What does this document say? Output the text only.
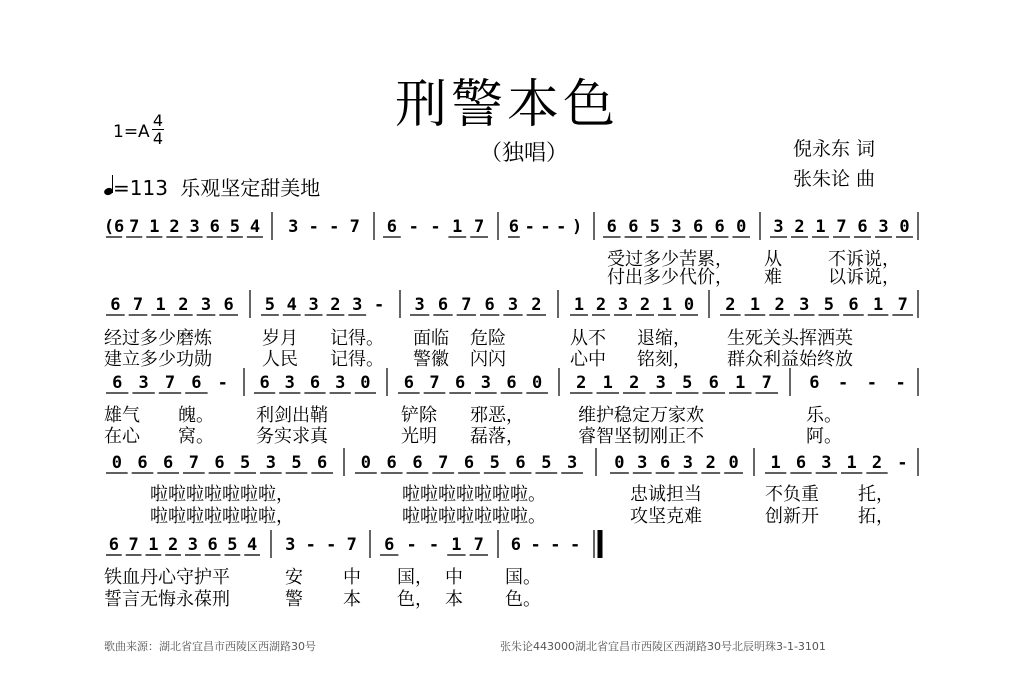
刑警本色
（独唱）
1=A
4
4
=113 乐观坚定甜美地
倪永东 词
张朱论 曲
(6 7 1 2 3 6 5 4 3 - - 7 6 - - 1 7 6 - - - ) 6 6 5 3 6 6 0 3 2 1 7 6 3 0
受过多少苦累， 从	不诉说，
付出多少代价， 难	以诉说，
6 7 1 2 3 6 5 4 3 2 3 - 3 6 7 6 3 2 1 2 3 2 1 0 2 1 2 3 5 6 1 7
经过多少磨炼	岁月 记得。 面临 危险	从不 退缩， 生死关头挥洒英
建立多少功勋	人民 记得。 警徽 闪闪	心中 铭刻， 群众利益始终放
6 3 7 6 - 6 3 6 3 0 6 7 6 3 6 0 2 1 2 3 5 6 1 7 6 - - -
雄气 魄。 利剑出鞘	铲除 邪恶，	维护稳定万家欢	乐。
在心 窝。 务实求真	光明 磊落，	睿智坚韧刚正不	阿。
0 6 6 7 6 5 3 5 6 0 6 6 7 6 5 6 5 3 0 3 6 3 2 0 1 6 3 1 2 -
啦啦啦啦啦啦啦，	啦啦啦啦啦啦啦。	忠诚担当	不负重 托，
啦啦啦啦啦啦啦，	啦啦啦啦啦啦啦。	攻坚克难	创新开 拓，
6 7 1 2 3 6 5 4 3 - - 7 6 - - 1 7 6 - - -
铁血丹心守护平	安 中 国， 中 国。
誓言无悔永葆刑	警 本 色， 本 色。
歌曲来源：湖北省宜昌市西陵区西湖路30号	张朱论443000湖北省宜昌市西陵区西湖路30号北辰明珠3-1-3101
